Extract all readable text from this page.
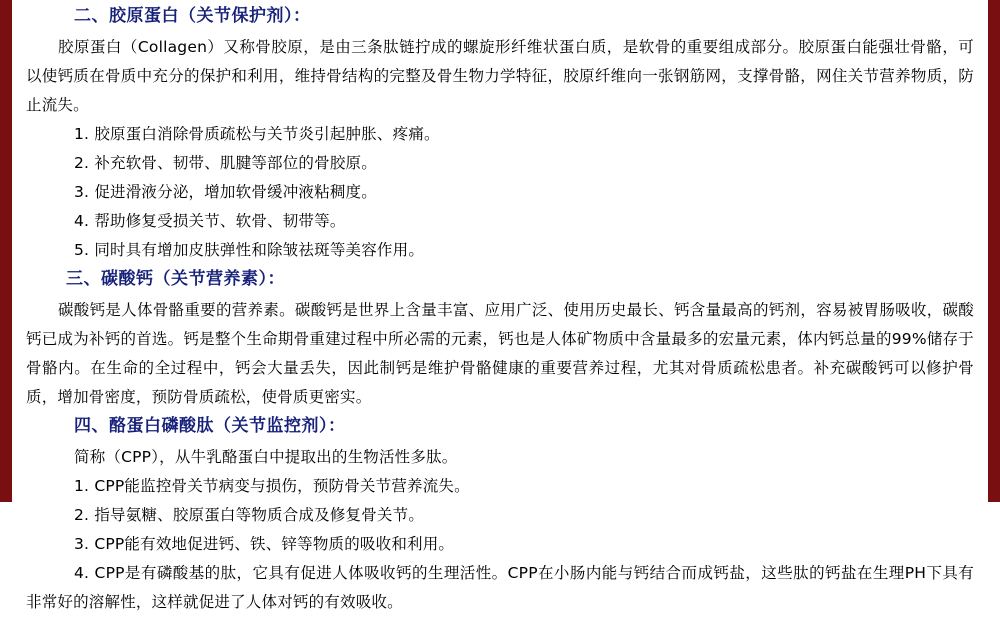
二、胶原蛋白（关节保护剂）：

胶原蛋白（Collagen）又称骨胶原，是由三条肽链拧成的螺旋形纤维状蛋白质，是软骨的重要组成部分。胶原蛋白能强壮骨骼，可以使钙质在骨质中充分的保护和利用，维持骨结构的完整及骨生物力学特征，胶原纤维向一张钢筋网，支撑骨骼，网住关节营养物质，防止流失。

1. 胶原蛋白消除骨质疏松与关节炎引起肿胀、疼痛。

2. 补充软骨、韧带、肌腱等部位的骨胶原。

3. 促进滑液分泌，增加软骨缓冲液粘稠度。

4. 帮助修复受损关节、软骨、韧带等。

5. 同时具有增加皮肤弹性和除皱祛斑等美容作用。

三、碳酸钙（关节营养素）：

碳酸钙是人体骨骼重要的营养素。碳酸钙是世界上含量丰富、应用广泛、使用历史最长、钙含量最高的钙剂，容易被胃肠吸收，碳酸钙已成为补钙的首选。钙是整个生命期骨重建过程中所必需的元素，钙也是人体矿物质中含量最多的宏量元素，体内钙总量的99%储存于骨骼内。在生命的全过程中，钙会大量丢失，因此制钙是维护骨骼健康的重要营养过程，尤其对骨质疏松患者。补充碳酸钙可以修护骨质，增加骨密度，预防骨质疏松，使骨质更密实。

四、酪蛋白磷酸肽（关节监控剂）：

简称（CPP），从牛乳酪蛋白中提取出的生物活性多肽。

1. CPP能监控骨关节病变与损伤，预防骨关节营养流失。

2. 指导氨糖、胶原蛋白等物质合成及修复骨关节。

3. CPP能有效地促进钙、铁、锌等物质的吸收和利用。

4. CPP是有磷酸基的肽，它具有促进人体吸收钙的生理活性。CPP在小肠内能与钙结合而成钙盐，这些肽的钙盐在生理PH下具有非常好的溶解性，这样就促进了人体对钙的有效吸收。
